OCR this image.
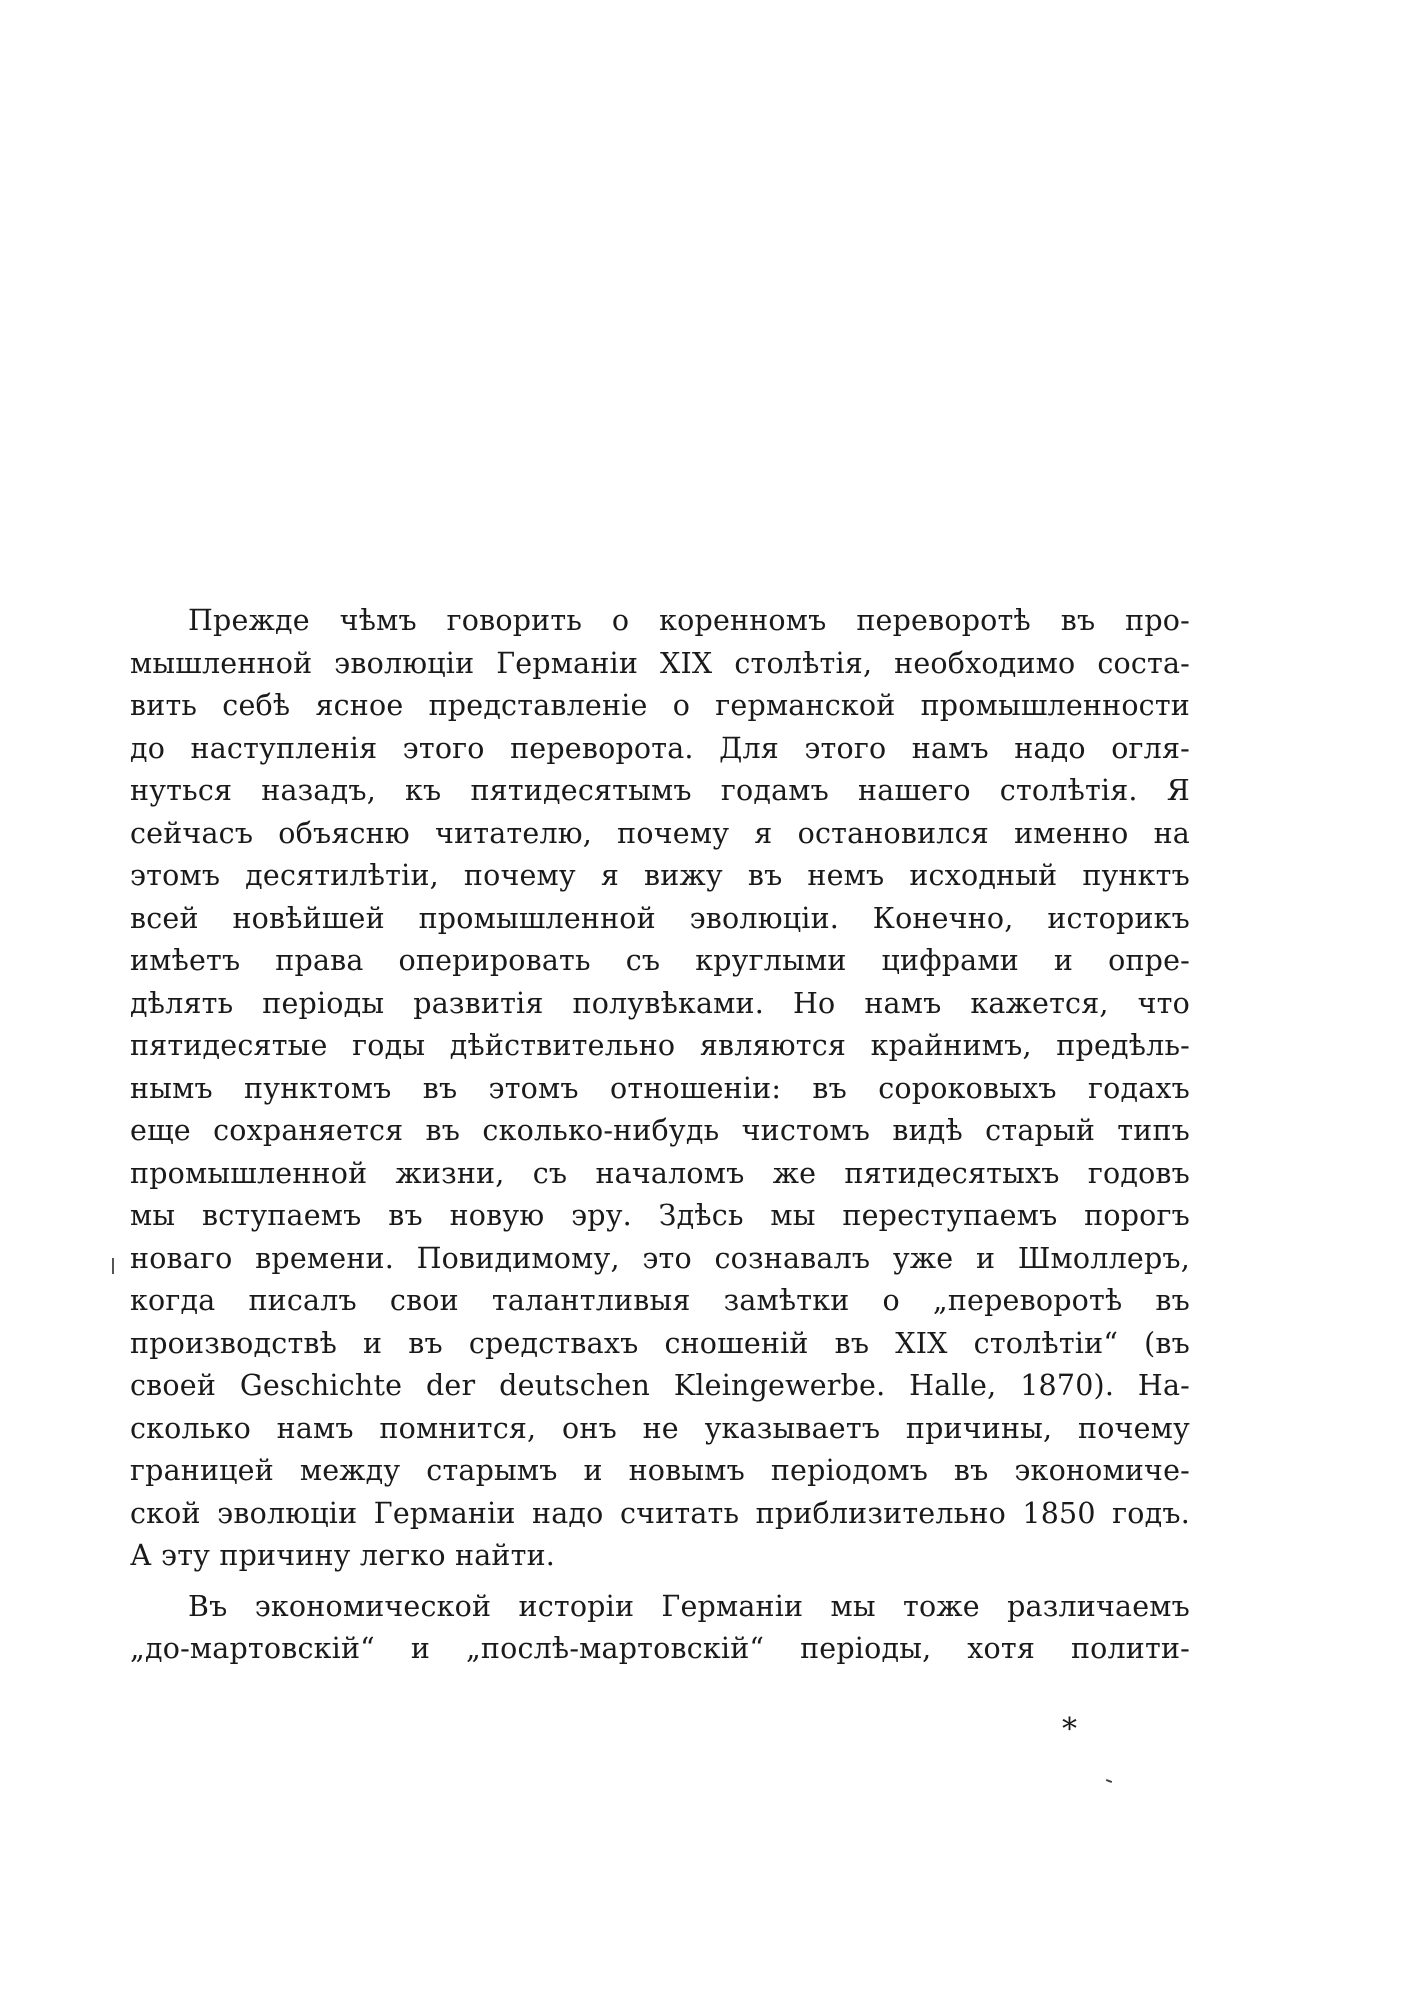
Прежде чѣмъ говорить о коренномъ переворотѣ въ про-
мышленной эволюціи Германіи XIX столѣтія, необходимо соста-
вить себѣ ясное представленіе о германской промышленности
до наступленія этого переворота. Для этого намъ надо огля-
нуться назадъ, къ пятидесятымъ годамъ нашего столѣтія. Я
сейчасъ объясню читателю, почему я остановился именно на
этомъ десятилѣтіи, почему я вижу въ немъ исходный пунктъ
всей новѣйшей промышленной эволюціи. Конечно, историкъ
имѣетъ права оперировать съ круглыми цифрами и опре-
дѣлять періоды развитія полувѣками. Но намъ кажется, что
пятидесятые годы дѣйствительно являются крайнимъ, предѣль-
нымъ пунктомъ въ этомъ отношеніи: въ сороковыхъ годахъ
еще сохраняется въ сколько-нибудь чистомъ видѣ старый типъ
промышленной жизни, съ началомъ же пятидесятыхъ годовъ
мы вступаемъ въ новую эру. Здѣсь мы переступаемъ порогъ
новаго времени. Повидимому, это сознавалъ уже и Шмоллеръ,
когда писалъ свои талантливыя замѣтки о „переворотѣ въ
производствѣ и въ средствахъ сношеній въ XIX столѣтіи“ (въ
своей Geschichte der deutschen Kleingewerbe. Halle, 1870). На-
сколько намъ помнится, онъ не указываетъ причины, почему
границей между старымъ и новымъ періодомъ въ экономиче-
ской эволюціи Германіи надо считать приблизительно 1850 годъ.
А эту причину легко найти.
Въ экономической исторіи Германіи мы тоже различаемъ
„до-мартовскій“ и „послѣ-мартовскій“ періоды, хотя полити-
*
